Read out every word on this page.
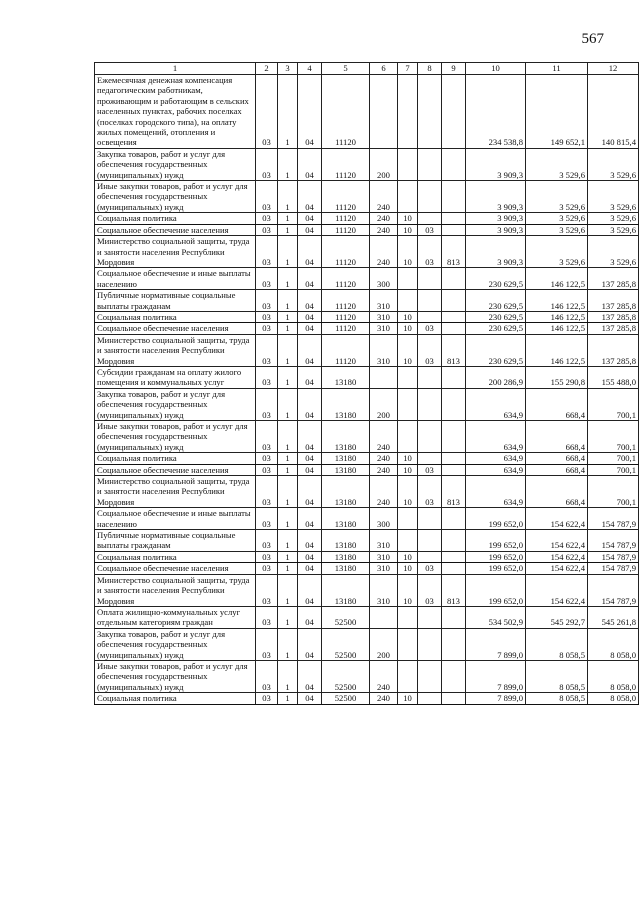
567
1	2	3	4	5	6	7	8	9	10	11	12
Ежемесячная денежная компенсация педагогическим работникам, проживающим и работающим в сельских населенных пунктах, рабочих поселках (поселках городского типа), на оплату жилых помещений, отопления и освещения	03	1	04	11120					234 538,8	149 652,1	140 815,4
Закупка товаров, работ и услуг для обеспечения государственных (муниципальных) нужд	03	1	04	11120	200				3 909,3	3 529,6	3 529,6
Иные закупки товаров, работ и услуг для обеспечения государственных (муниципальных) нужд	03	1	04	11120	240				3 909,3	3 529,6	3 529,6
Социальная политика	03	1	04	11120	240	10			3 909,3	3 529,6	3 529,6
Социальное обеспечение населения	03	1	04	11120	240	10	03		3 909,3	3 529,6	3 529,6
Министерство социальной защиты, труда и занятости населения Республики Мордовия	03	1	04	11120	240	10	03	813	3 909,3	3 529,6	3 529,6
Социальное обеспечение и иные выплаты населению	03	1	04	11120	300				230 629,5	146 122,5	137 285,8
Публичные нормативные социальные выплаты гражданам	03	1	04	11120	310				230 629,5	146 122,5	137 285,8
Социальная политика	03	1	04	11120	310	10			230 629,5	146 122,5	137 285,8
Социальное обеспечение населения	03	1	04	11120	310	10	03		230 629,5	146 122,5	137 285,8
Министерство социальной защиты, труда и занятости населения Республики Мордовия	03	1	04	11120	310	10	03	813	230 629,5	146 122,5	137 285,8
Субсидии гражданам на оплату жилого помещения и коммунальных услуг	03	1	04	13180					200 286,9	155 290,8	155 488,0
Закупка товаров, работ и услуг для обеспечения государственных (муниципальных) нужд	03	1	04	13180	200				634,9	668,4	700,1
Иные закупки товаров, работ и услуг для обеспечения государственных (муниципальных) нужд	03	1	04	13180	240				634,9	668,4	700,1
Социальная политика	03	1	04	13180	240	10			634,9	668,4	700,1
Социальное обеспечение населения	03	1	04	13180	240	10	03		634,9	668,4	700,1
Министерство социальной защиты, труда и занятости населения Республики Мордовия	03	1	04	13180	240	10	03	813	634,9	668,4	700,1
Социальное обеспечение и иные выплаты населению	03	1	04	13180	300				199 652,0	154 622,4	154 787,9
Публичные нормативные социальные выплаты гражданам	03	1	04	13180	310				199 652,0	154 622,4	154 787,9
Социальная политика	03	1	04	13180	310	10			199 652,0	154 622,4	154 787,9
Социальное обеспечение населения	03	1	04	13180	310	10	03		199 652,0	154 622,4	154 787,9
Министерство социальной защиты, труда и занятости населения Республики Мордовия	03	1	04	13180	310	10	03	813	199 652,0	154 622,4	154 787,9
Оплата жилищно-коммунальных услуг отдельным категориям граждан	03	1	04	52500					534 502,9	545 292,7	545 261,8
Закупка товаров, работ и услуг для обеспечения государственных (муниципальных) нужд	03	1	04	52500	200				7 899,0	8 058,5	8 058,0
Иные закупки товаров, работ и услуг для обеспечения государственных (муниципальных) нужд	03	1	04	52500	240				7 899,0	8 058,5	8 058,0
Социальная политика	03	1	04	52500	240	10			7 899,0	8 058,5	8 058,0
